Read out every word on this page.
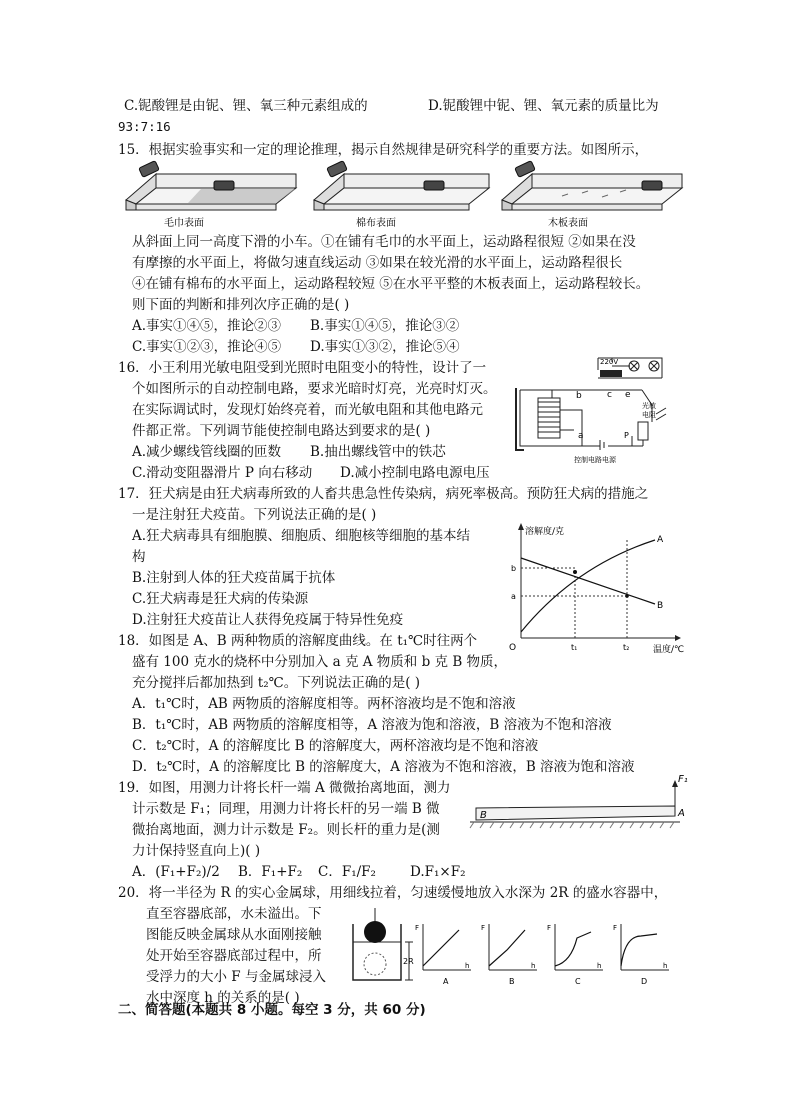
C.铌酸锂是由铌、锂、氧三种元素组成的	D.铌酸锂中铌、锂、氧元素的质量比为
93:7:16
15．根据实验事实和一定的理论推理，揭示自然规律是研究科学的重要方法。如图所示，
毛巾表面	棉布表面	木板表面
从斜面上同一高度下滑的小车。①在铺有毛巾的水平面上，运动路程很短 ②如果在没
有摩擦的水平面上，将做匀速直线运动 ③如果在较光滑的水平面上，运动路程很长
④在铺有棉布的水平面上，运动路程较短 ⑤在水平平整的木板表面上，运动路程较长。
则下面的判断和排列次序正确的是( )
A.事实①④⑤，推论②③ B.事实①④⑤，推论③②
C.事实①②③，推论④⑤ D.事实①③②，推论⑤④
16．小王利用光敏电阻受到光照时电阻变小的特性，设计了一
个如图所示的自动控制电路，要求光暗时灯亮，光亮时灯灭。
在实际调试时，发现灯始终亮着，而光敏电阻和其他电路元
件都正常。下列调节能使控制电路达到要求的是( )
A.减少螺线管线圈的匝数 B.抽出螺线管中的铁芯
C.滑动变阻器滑片 P 向右移动 D.减小控制电路电源电压
220V
b	c e
a	P
光敏
电阻
控制电路电源
17．狂犬病是由狂犬病毒所致的人畜共患急性传染病，病死率极高。预防狂犬病的措施之
一是注射狂犬疫苗。下列说法正确的是( )
A.狂犬病毒具有细胞膜、细胞质、细胞核等细胞的基本结
构
B.注射到人体的狂犬疫苗属于抗体
C.狂犬病毒是狂犬病的传染源
D.注射狂犬疫苗让人获得免疫属于特异性免疫
溶解度/克
温度/℃
O
A
B
b
a
t₁	t₂
18．如图是 A、B 两种物质的溶解度曲线。在 t₁℃时往两个
盛有 100 克水的烧杯中分别加入 a 克 A 物质和 b 克 B 物质，
充分搅拌后都加热到 t₂℃。下列说法正确的是( )
A．t₁℃时，AB 两物质的溶解度相等。两杯溶液均是不饱和溶液
B．t₁℃时，AB 两物质的溶解度相等，A 溶液为饱和溶液，B 溶液为不饱和溶液
C．t₂℃时，A 的溶解度比 B 的溶解度大，两杯溶液均是不饱和溶液
D．t₂℃时，A 的溶解度比 B 的溶解度大，A 溶液为不饱和溶液，B 溶液为饱和溶液
19．如图，用测力计将长杆一端 A 微微抬离地面，测力
计示数是 F₁；同理，用测力计将长杆的另一端 B 微
微抬离地面，测力计示数是 F₂。则长杆的重力是(测
力计保持竖直向上)( )
A．(F₁+F₂)/2 B．F₁+F₂ C．F₁/F₂	D.F₁×F₂
F₁
B	A
20．将一半径为 R 的实心金属球，用细线拉着，匀速缓慢地放入水深为 2R 的盛水容器中，
直至容器底部，水未溢出。下
图能反映金属球从水面刚接触
处开始至容器底部过程中，所
受浮力的大小 F 与金属球浸入
水中深度 h 的关系的是( )
2R
F
h
A
F
h
B
F
h
C
F
h
D
二、简答题(本题共 8 小题。每空 3 分，共 60 分)
